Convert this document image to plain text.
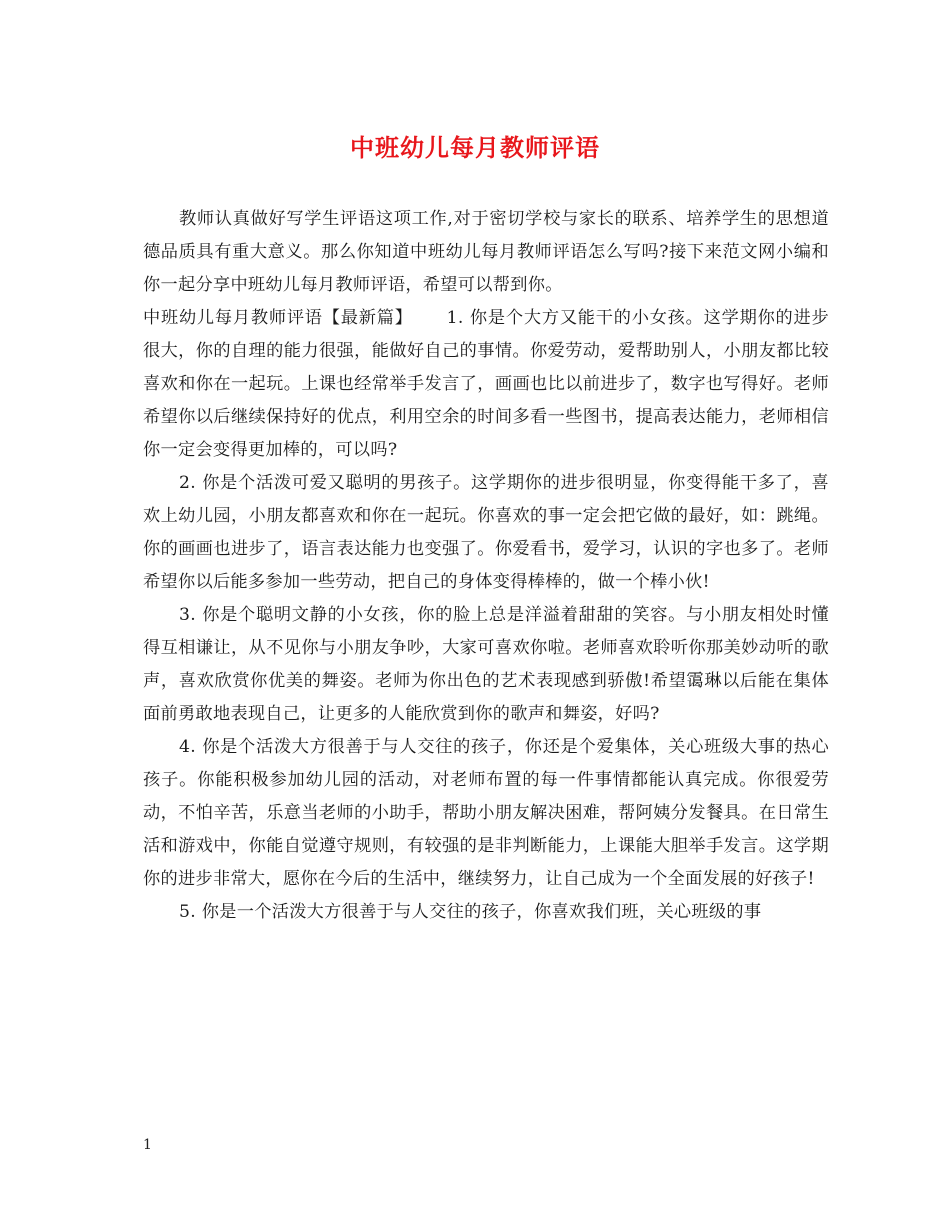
中班幼儿每月教师评语

教师认真做好写学生评语这项工作,对于密切学校与家长的联系、培养学生的思想道德品质具有重大意义。那么你知道中班幼儿每月教师评语怎么写吗?接下来范文网小编和你一起分享中班幼儿每月教师评语，希望可以帮到你。

中班幼儿每月教师评语【最新篇】 1. 你是个大方又能干的小女孩。这学期你的进步很大，你的自理的能力很强，能做好自己的事情。你爱劳动，爱帮助别人，小朋友都比较喜欢和你在一起玩。上课也经常举手发言了，画画也比以前进步了，数字也写得好。老师希望你以后继续保持好的优点，利用空余的时间多看一些图书，提高表达能力，老师相信你一定会变得更加棒的，可以吗?

2. 你是个活泼可爱又聪明的男孩子。这学期你的进步很明显，你变得能干多了，喜欢上幼儿园，小朋友都喜欢和你在一起玩。你喜欢的事一定会把它做的最好，如：跳绳。你的画画也进步了，语言表达能力也变强了。你爱看书，爱学习，认识的字也多了。老师希望你以后能多参加一些劳动，把自己的身体变得棒棒的，做一个棒小伙!

3. 你是个聪明文静的小女孩，你的脸上总是洋溢着甜甜的笑容。与小朋友相处时懂得互相谦让，从不见你与小朋友争吵，大家可喜欢你啦。老师喜欢聆听你那美妙动听的歌声，喜欢欣赏你优美的舞姿。老师为你出色的艺术表现感到骄傲!希望霭琳以后能在集体面前勇敢地表现自己，让更多的人能欣赏到你的歌声和舞姿，好吗?

4. 你是个活泼大方很善于与人交往的孩子，你还是个爱集体，关心班级大事的热心孩子。你能积极参加幼儿园的活动，对老师布置的每一件事情都能认真完成。你很爱劳动，不怕辛苦，乐意当老师的小助手，帮助小朋友解决困难，帮阿姨分发餐具。在日常生活和游戏中，你能自觉遵守规则，有较强的是非判断能力，上课能大胆举手发言。这学期你的进步非常大，愿你在今后的生活中，继续努力，让自己成为一个全面发展的好孩子!

5. 你是一个活泼大方很善于与人交往的孩子，你喜欢我们班，关心班级的事

1
